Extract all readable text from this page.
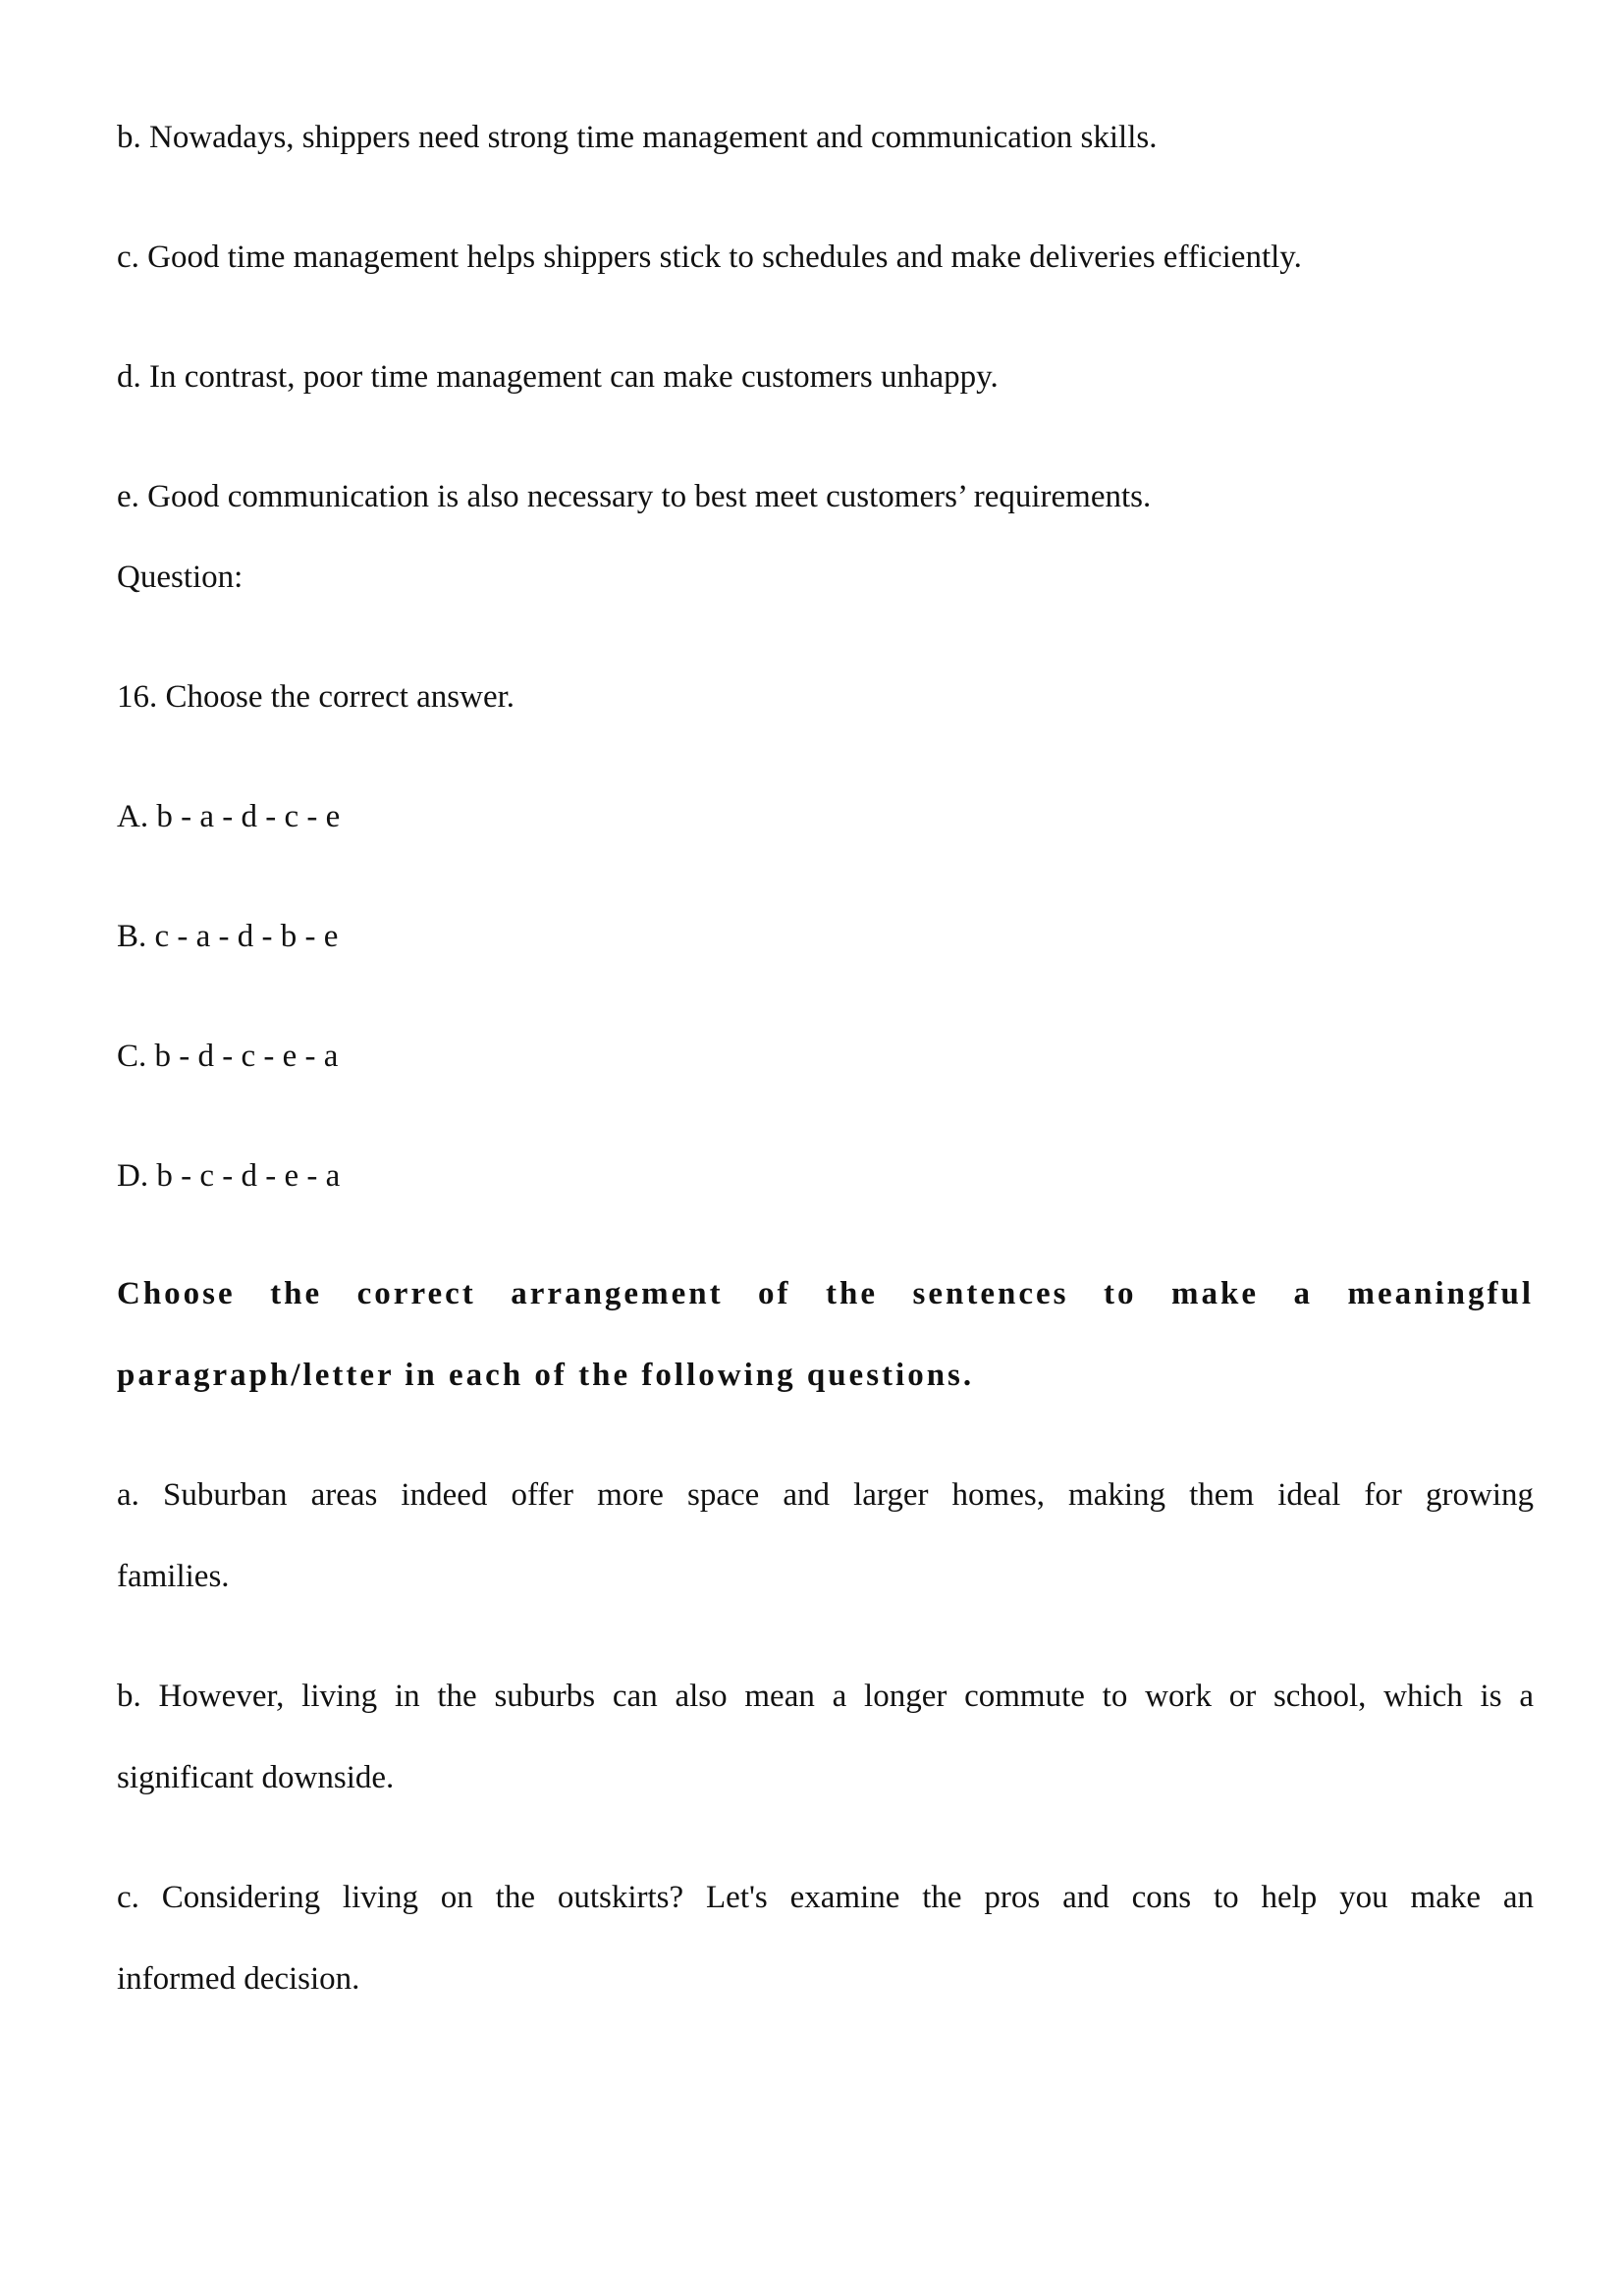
b. Nowadays, shippers need strong time management and communication skills.
c. Good time management helps shippers stick to schedules and make deliveries efficiently.
d. In contrast, poor time management can make customers unhappy.
e. Good communication is also necessary to best meet customers’ requirements.
Question:
16. Choose the correct answer.
A. b - a - d - c - e
B. c - a - d - b - e
C. b - d - c - e - a
D. b - c - d - e - a
Choose the correct arrangement of the sentences to make a meaningful
paragraph/letter in each of the following questions.
a. Suburban areas indeed offer more space and larger homes, making them ideal for growing
families.
b. However, living in the suburbs can also mean a longer commute to work or school, which is a
significant downside.
c. Considering living on the outskirts? Let's examine the pros and cons to help you make an
informed decision.
